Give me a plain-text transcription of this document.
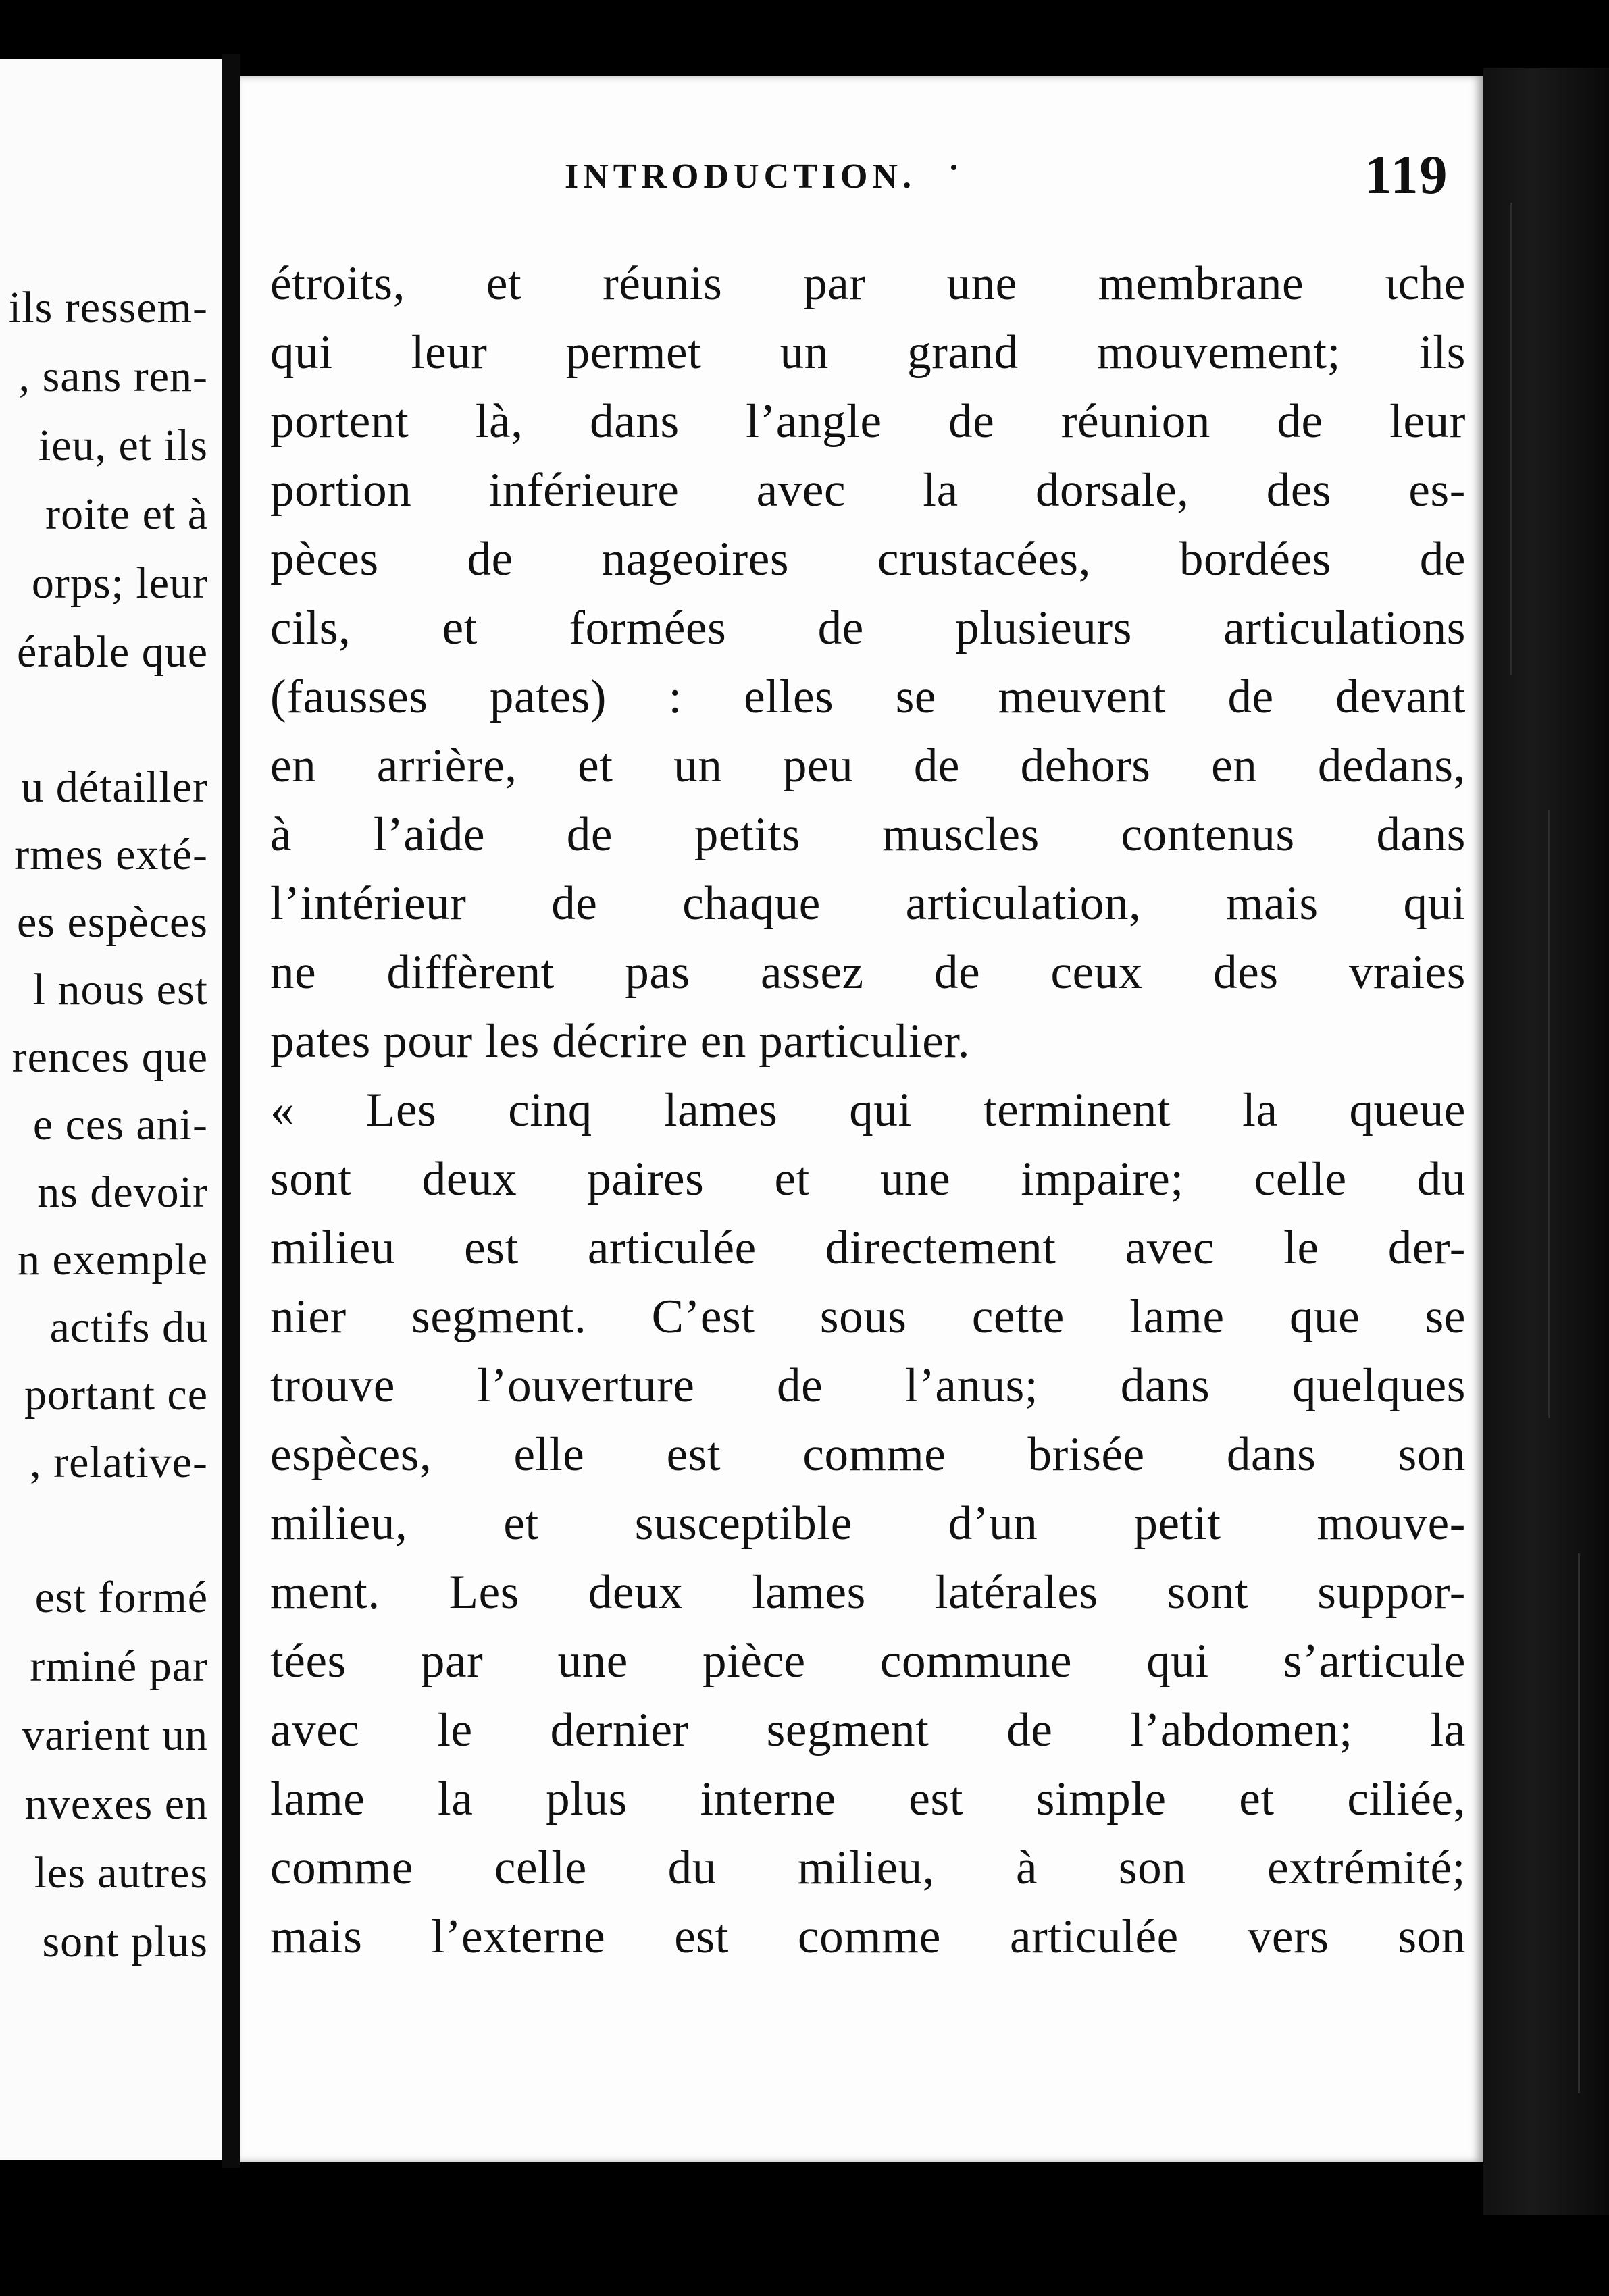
ils ressem-
, sans ren-
ieu, et ils
roite et à
orps; leur
érable que
u détailler
rmes exté-
es espèces
l nous est
rences que
e ces ani-
ns devoir
n exemple
actifs du
portant ce
, relative-
est formé
rminé par
varient un
nvexes en
les autres
sont plus
INTRODUCTION.	119
étroits, et réunis par une membrane ɩche
qui leur permet un grand mouvement; ils
portent là, dans l’angle de réunion de leur
portion inférieure avec la dorsale, des es-
pèces de nageoires crustacées, bordées de
cils, et formées de plusieurs articulations
(fausses pates) : elles se meuvent de devant
en arrière, et un peu de dehors en dedans,
à l’aide de petits muscles contenus dans
l’intérieur de chaque articulation, mais qui
ne diffèrent pas assez de ceux des vraies
pates pour les décrire en particulier.
« Les cinq lames qui terminent la queue
sont deux paires et une impaire; celle du
milieu est articulée directement avec le der-
nier segment. C’est sous cette lame que se
trouve l’ouverture de l’anus; dans quelques
espèces, elle est comme brisée dans son
milieu, et susceptible d’un petit mouve-
ment. Les deux lames latérales sont suppor-
tées par une pièce commune qui s’articule
avec le dernier segment de l’abdomen; la
lame la plus interne est simple et ciliée,
comme celle du milieu, à son extrémité;
mais l’externe est comme articulée vers son
